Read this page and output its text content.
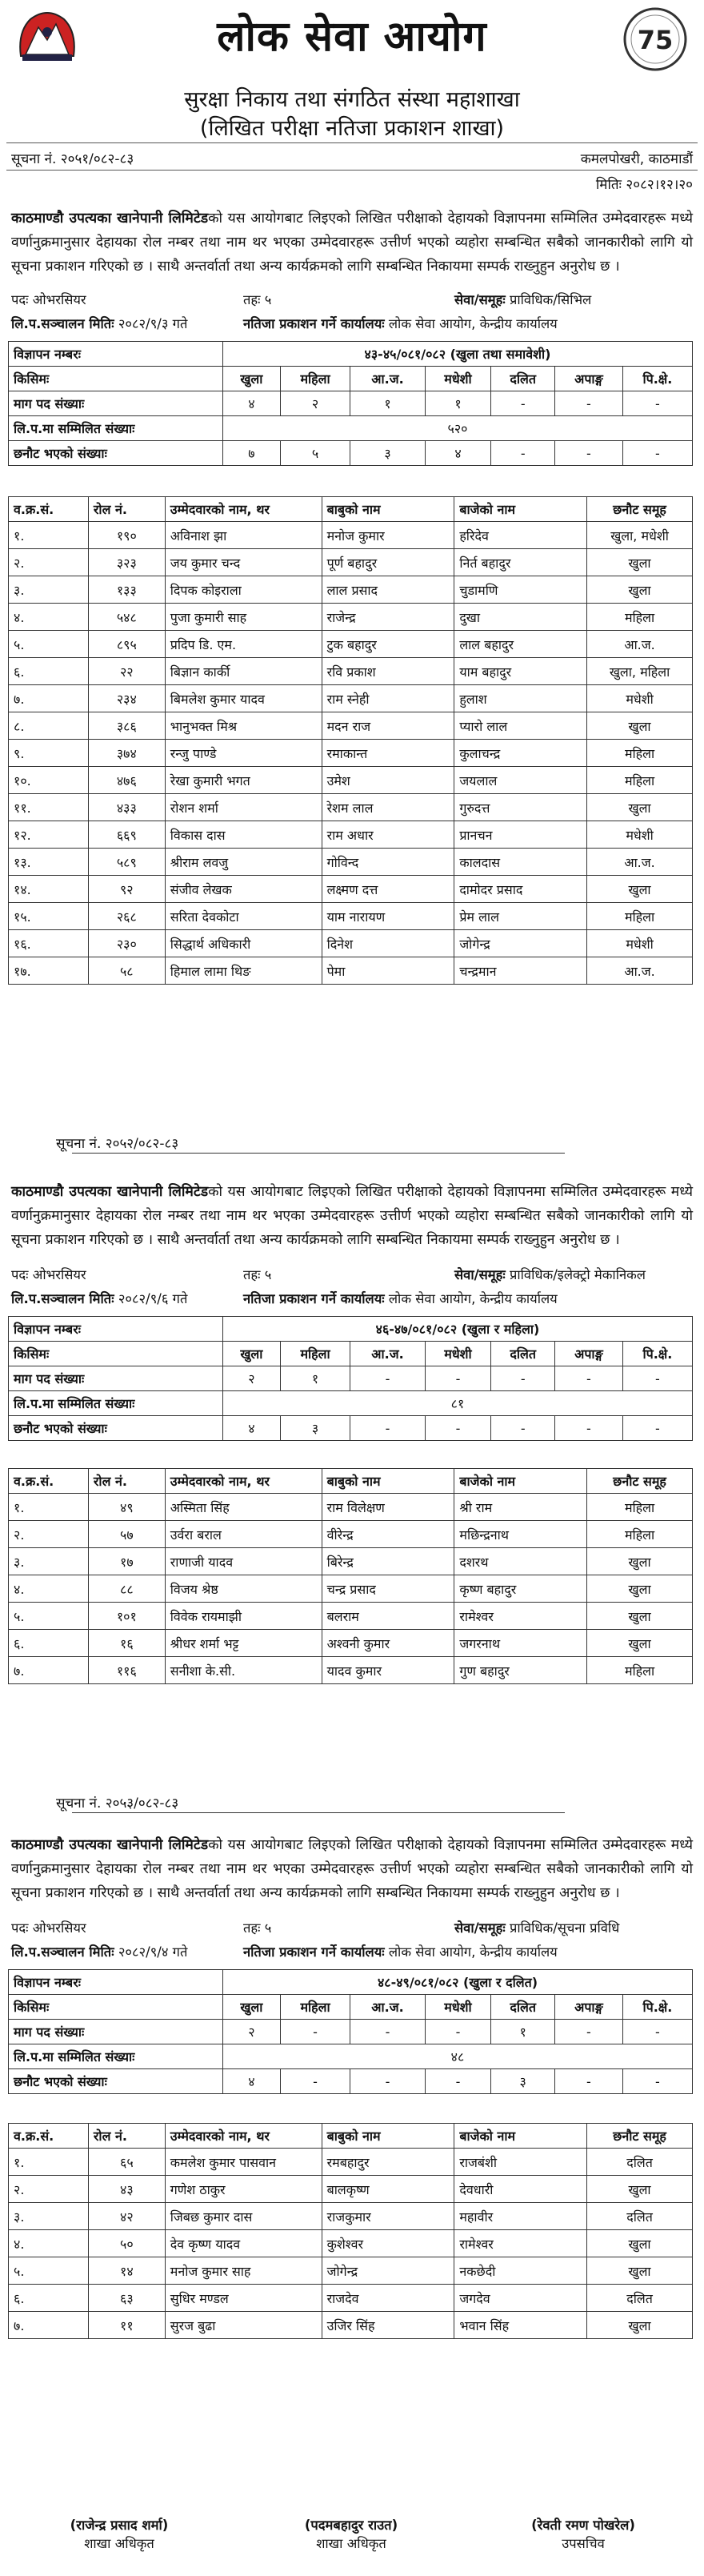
लोक सेवा आयोग	75
सुरक्षा निकाय तथा संगठित संस्था महाशाखा
(लिखित परीक्षा नतिजा प्रकाशन शाखा)
सूचना नं. २०५१/०८२-८३	कमलपोखरी, काठमाडौं
मितिः २०८२।१२।२०
काठमाण्डौ उपत्यका खानेपानी लिमिटेडको यस आयोगबाट लिइएको लिखित परीक्षाको देहायको विज्ञापनमा सम्मिलित उम्मेदवारहरू मध्ये वर्णानुक्रमानुसार देहायका रोल नम्बर तथा नाम थर भएका उम्मेदवारहरू उत्तीर्ण भएको व्यहोरा सम्बन्धित सबैको जानकारीको लागि यो सूचना प्रकाशन गरिएको छ । साथै अन्तर्वार्ता तथा अन्य कार्यक्रमको लागि सम्बन्धित निकायमा सम्पर्क राख्नुहुन अनुरोध छ ।
पदः ओभरसियर	तहः ५	सेवा/समूहः प्राविधिक/सिभिल
लि.प.सञ्चालन मितिः २०८२/९/३ गते	नतिजा प्रकाशन गर्ने कार्यालयः लोक सेवा आयोग, केन्द्रीय कार्यालय
विज्ञापन नम्बरः	४३-४५/०८१/०८२ (खुला तथा समावेशी)						
किसिमः	खुला	महिला	आ.ज.	मधेशी	दलित	अपाङ्ग	पि.क्षे.
माग पद संख्याः	४	२	१	१	-	-	-
लि.प.मा सम्मिलित संख्याः	५२०						
छनौट भएको संख्याः	७	५	३	४	-	-	-
व.क्र.सं.	रोल नं.	उम्मेदवारको नाम, थर	बाबुको नाम	बाजेको नाम	छनौट समूह
१.	१९०	अविनाश झा	मनोज कुमार	हरिदेव	खुला, मधेशी
२.	३२३	जय कुमार चन्द	पूर्ण बहादुर	निर्त बहादुर	खुला
३.	१३३	दिपक कोइराला	लाल प्रसाद	चुडामणि	खुला
४.	५४८	पुजा कुमारी साह	राजेन्द्र	दुखा	महिला
५.	८९५	प्रदिप डि. एम.	टुक बहादुर	लाल बहादुर	आ.ज.
६.	२२	बिज्ञान कार्की	रवि प्रकाश	याम बहादुर	खुला, महिला
७.	२३४	बिमलेश कुमार यादव	राम स्नेही	हुलाश	मधेशी
८.	३८६	भानुभक्त मिश्र	मदन राज	प्यारो लाल	खुला
९.	३७४	रन्जु पाण्डे	रमाकान्त	कुलाचन्द्र	महिला
१०.	४७६	रेखा कुमारी भगत	उमेश	जयलाल	महिला
११.	४३३	रोशन शर्मा	रेशम लाल	गुरुदत्त	खुला
१२.	६६९	विकास दास	राम अधार	प्रानचन	मधेशी
१३.	५८९	श्रीराम लवजु	गोविन्द	कालदास	आ.ज.
१४.	९२	संजीव लेखक	लक्ष्मण दत्त	दामोदर प्रसाद	खुला
१५.	२६८	सरिता देवकोटा	याम नारायण	प्रेम लाल	महिला
१६.	२३०	सिद्धार्थ अधिकारी	दिनेश	जोगेन्द्र	मधेशी
१७.	५८	हिमाल लामा थिङ	पेमा	चन्द्रमान	आ.ज.
सूचना नं. २०५२/०८२-८३
काठमाण्डौ उपत्यका खानेपानी लिमिटेडको यस आयोगबाट लिइएको लिखित परीक्षाको देहायको विज्ञापनमा सम्मिलित उम्मेदवारहरू मध्ये वर्णानुक्रमानुसार देहायका रोल नम्बर तथा नाम थर भएका उम्मेदवारहरू उत्तीर्ण भएको व्यहोरा सम्बन्धित सबैको जानकारीको लागि यो सूचना प्रकाशन गरिएको छ । साथै अन्तर्वार्ता तथा अन्य कार्यक्रमको लागि सम्बन्धित निकायमा सम्पर्क राख्नुहुन अनुरोध छ ।
पदः ओभरसियर	तहः ५	सेवा/समूहः प्राविधिक/इलेक्ट्रो मेकानिकल
लि.प.सञ्चालन मितिः २०८२/९/६ गते	नतिजा प्रकाशन गर्ने कार्यालयः लोक सेवा आयोग, केन्द्रीय कार्यालय
विज्ञापन नम्बरः	४६-४७/०८१/०८२ (खुला र महिला)						
किसिमः	खुला	महिला	आ.ज.	मधेशी	दलित	अपाङ्ग	पि.क्षे.
माग पद संख्याः	२	१	-	-	-	-	-
लि.प.मा सम्मिलित संख्याः	८१						
छनौट भएको संख्याः	४	३	-	-	-	-	-
व.क्र.सं.	रोल नं.	उम्मेदवारको नाम, थर	बाबुको नाम	बाजेको नाम	छनौट समूह
१.	४९	अस्मिता सिंह	राम विलेक्षण	श्री राम	महिला
२.	५७	उर्वरा बराल	वीरेन्द्र	मछिन्द्रनाथ	महिला
३.	१७	राणाजी यादव	बिरेन्द्र	दशरथ	खुला
४.	८८	विजय श्रेष्ठ	चन्द्र प्रसाद	कृष्ण बहादुर	खुला
५.	१०१	विवेक रायमाझी	बलराम	रामेश्वर	खुला
६.	१६	श्रीधर शर्मा भट्ट	अश्वनी कुमार	जगरनाथ	खुला
७.	११६	सनीशा के.सी.	यादव कुमार	गुण बहादुर	महिला
सूचना नं. २०५३/०८२-८३
काठमाण्डौ उपत्यका खानेपानी लिमिटेडको यस आयोगबाट लिइएको लिखित परीक्षाको देहायको विज्ञापनमा सम्मिलित उम्मेदवारहरू मध्ये वर्णानुक्रमानुसार देहायका रोल नम्बर तथा नाम थर भएका उम्मेदवारहरू उत्तीर्ण भएको व्यहोरा सम्बन्धित सबैको जानकारीको लागि यो सूचना प्रकाशन गरिएको छ । साथै अन्तर्वार्ता तथा अन्य कार्यक्रमको लागि सम्बन्धित निकायमा सम्पर्क राख्नुहुन अनुरोध छ ।
पदः ओभरसियर	तहः ५	सेवा/समूहः प्राविधिक/सूचना प्रविधि
लि.प.सञ्चालन मितिः २०८२/९/४ गते	नतिजा प्रकाशन गर्ने कार्यालयः लोक सेवा आयोग, केन्द्रीय कार्यालय
विज्ञापन नम्बरः	४८-४९/०८१/०८२ (खुला र दलित)						
किसिमः	खुला	महिला	आ.ज.	मधेशी	दलित	अपाङ्ग	पि.क्षे.
माग पद संख्याः	२	-	-	-	१	-	-
लि.प.मा सम्मिलित संख्याः	४८						
छनौट भएको संख्याः	४	-	-	-	३	-	-
व.क्र.सं.	रोल नं.	उम्मेदवारको नाम, थर	बाबुको नाम	बाजेको नाम	छनौट समूह
१.	६५	कमलेश कुमार पासवान	रमबहादुर	राजबंशी	दलित
२.	४३	गणेश ठाकुर	बालकृष्ण	देवधारी	खुला
३.	४२	जिबछ कुमार दास	राजकुमार	महावीर	दलित
४.	५०	देव कृष्ण यादव	कुशेश्वर	रामेश्वर	खुला
५.	१४	मनोज कुमार साह	जोगेन्द्र	नकछेदी	खुला
६.	६३	सुधिर मण्डल	राजदेव	जगदेव	दलित
७.	११	सुरज बुढा	उजिर सिंह	भवान सिंह	खुला
(राजेन्द्र प्रसाद शर्मा)
शाखा अधिकृत
(पदमबहादुर राउत)
शाखा अधिकृत
(रेवती रमण पोखरेल)
उपसचिव
